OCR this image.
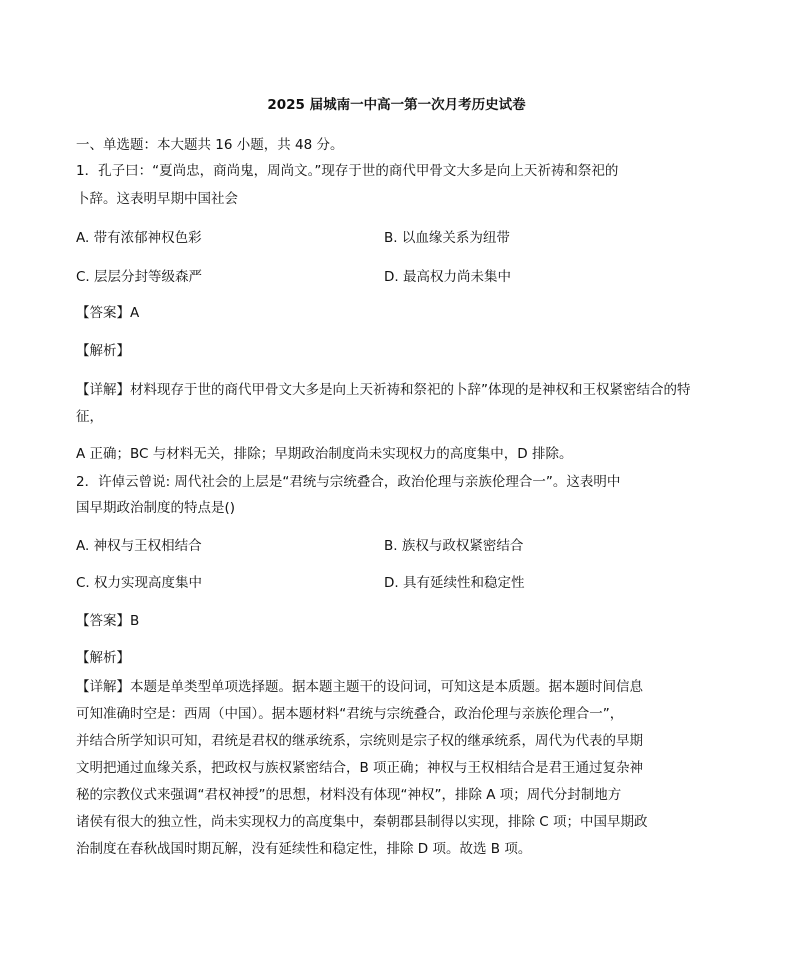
2025 届城南一中高一第一次月考历史试卷
一、单选题：本大题共 16 小题，共 48 分。
1．孔子曰：“夏尚忠，商尚鬼，周尚文。”现存于世的商代甲骨文大多是向上天祈祷和祭祀的
卜辞。这表明早期中国社会
A. 带有浓郁神权色彩	B. 以血缘关系为纽带
C. 层层分封等级森严	D. 最高权力尚未集中
【答案】A
【解析】
【详解】材料现存于世的商代甲骨文大多是向上天祈祷和祭祀的卜辞”体现的是神权和王权紧密结合的特
征，
A 正确；BC 与材料无关，排除；早期政治制度尚未实现权力的高度集中，D 排除。
2．许倬云曾说: 周代社会的上层是“君统与宗统叠合，政治伦理与亲族伦理合一”。这表明中
国早期政治制度的特点是()
A. 神权与王权相结合	B. 族权与政权紧密结合
C. 权力实现高度集中	D. 具有延续性和稳定性
【答案】B
【解析】
【详解】本题是单类型单项选择题。据本题主题干的设问词，可知这是本质题。据本题时间信息
可知准确时空是：西周（中国）。据本题材料“君统与宗统叠合，政治伦理与亲族伦理合一”，
并结合所学知识可知，君统是君权的继承统系，宗统则是宗子权的继承统系，周代为代表的早期
文明把通过血缘关系，把政权与族权紧密结合，B 项正确；神权与王权相结合是君王通过复杂神
秘的宗教仪式来强调“君权神授”的思想，材料没有体现“神权”，排除 A 项；周代分封制地方
诸侯有很大的独立性，尚未实现权力的高度集中，秦朝郡县制得以实现，排除 C 项；中国早期政
治制度在春秋战国时期瓦解，没有延续性和稳定性，排除 D 项。故选 B 项。
